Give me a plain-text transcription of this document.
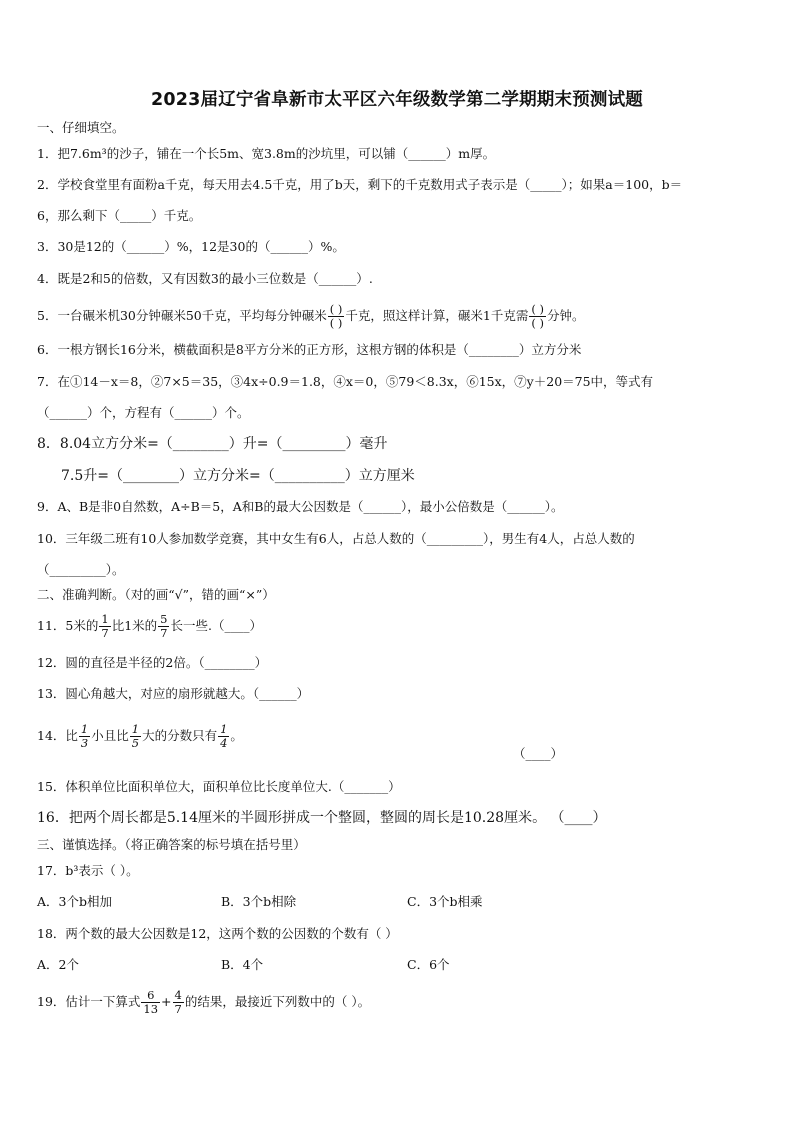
2023届辽宁省阜新市太平区六年级数学第二学期期末预测试题
一、仔细填空。
1．把7.6m³的沙子，铺在一个长5m、宽3.8m的沙坑里，可以铺（______）m厚。
2．学校食堂里有面粉a千克，每天用去4.5千克，用了b天，剩下的千克数用式子表示是（_____）；如果a＝100，b＝
6，那么剩下（_____）千克。
3．30是12的（______）%，12是30的（______）%。
4．既是2和5的倍数，又有因数3的最小三位数是（______）.
5．一台碾米机30分钟碾米50千克，平均每分钟碾米 $\frac{( )}{( )}$ 千克，照这样计算，碾米1千克需 $\frac{( )}{( )}$ 分钟。
6．一根方钢长16分米，横截面积是8平方分米的正方形，这根方钢的体积是（________）立方分米
7．在①14－x＝8，②7×5＝35，③4x÷0.9＝1.8，④x＝0，⑤79＜8.3x，⑥15x，⑦y＋20＝75中，等式有
（______）个，方程有（______）个。
8．8.04立方分米=（________）升=（_________）毫升
7.5升=（________）立方分米=（__________）立方厘米
9．A、B是非0自然数，A÷B＝5，A和B的最大公因数是（______），最小公倍数是（______）。
10．三年级二班有10人参加数学竞赛，其中女生有6人，占总人数的（_________），男生有4人，占总人数的
（_________）。
二、准确判断。（对的画“√”，错的画“×”）
11．5米的 $\frac{1}{7}$ 比1米的 $\frac{5}{7}$ 长一些.（____）
12．圆的直径是半径的2倍。（________）
13．圆心角越大，对应的扇形就越大。（______）
14．比 $\frac{1}{3}$ 小且比 $\frac{1}{5}$ 大的分数只有 $\frac{1}{4}$ 。
（____）
15．体积单位比面积单位大，面积单位比长度单位大.（_______）
16．把两个周长都是5.14厘米的半圆形拼成一个整圆，整圆的周长是10.28厘米。 （____）
三、谨慎选择。（将正确答案的标号填在括号里）
17．b³表示（ ）。
A．3个b相加	B．3个b相除	C．3个b相乘
18．两个数的最大公因数是12，这两个数的公因数的个数有（ ）
A．2个	B．4个	C．6个
19．估计一下算式 $\frac{6}{13} + \frac{4}{7}$ 的结果，最接近下列数中的（ ）。
